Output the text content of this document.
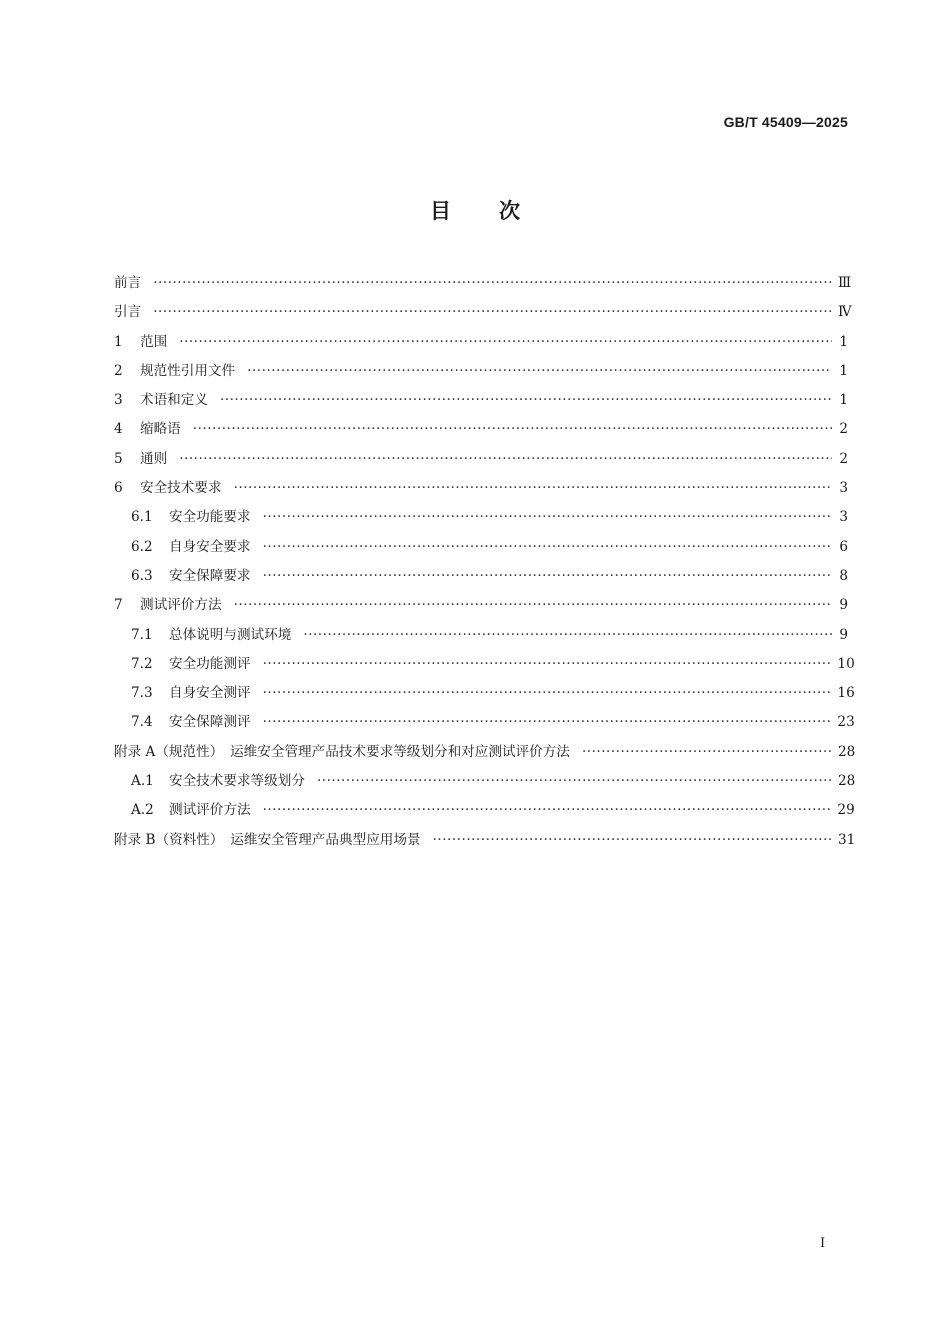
GB/T 45409—2025
目 次
前言 ·····	Ⅲ
引言 ·····	Ⅳ
1 范围 ·····	1
2 规范性引用文件 ·····	1
3 术语和定义 ·····	1
4 缩略语 ·····	2
5 通则 ·····	2
6 安全技术要求 ·····	3
6.1 安全功能要求 ·····	3
6.2 自身安全要求 ·····	6
6.3 安全保障要求 ·····	8
7 测试评价方法 ·····	9
7.1 总体说明与测试环境 ·····	9
7.2 安全功能测评 ·····	10
7.3 自身安全测评 ·····	16
7.4 安全保障测评 ·····	23
附录 A（规范性）　运维安全管理产品技术要求等级划分和对应测试评价方法 ·····	28
A.1 安全技术要求等级划分 ·····	28
A.2 测试评价方法 ·····	29
附录 B（资料性）　运维安全管理产品典型应用场景 ·····	31
I
